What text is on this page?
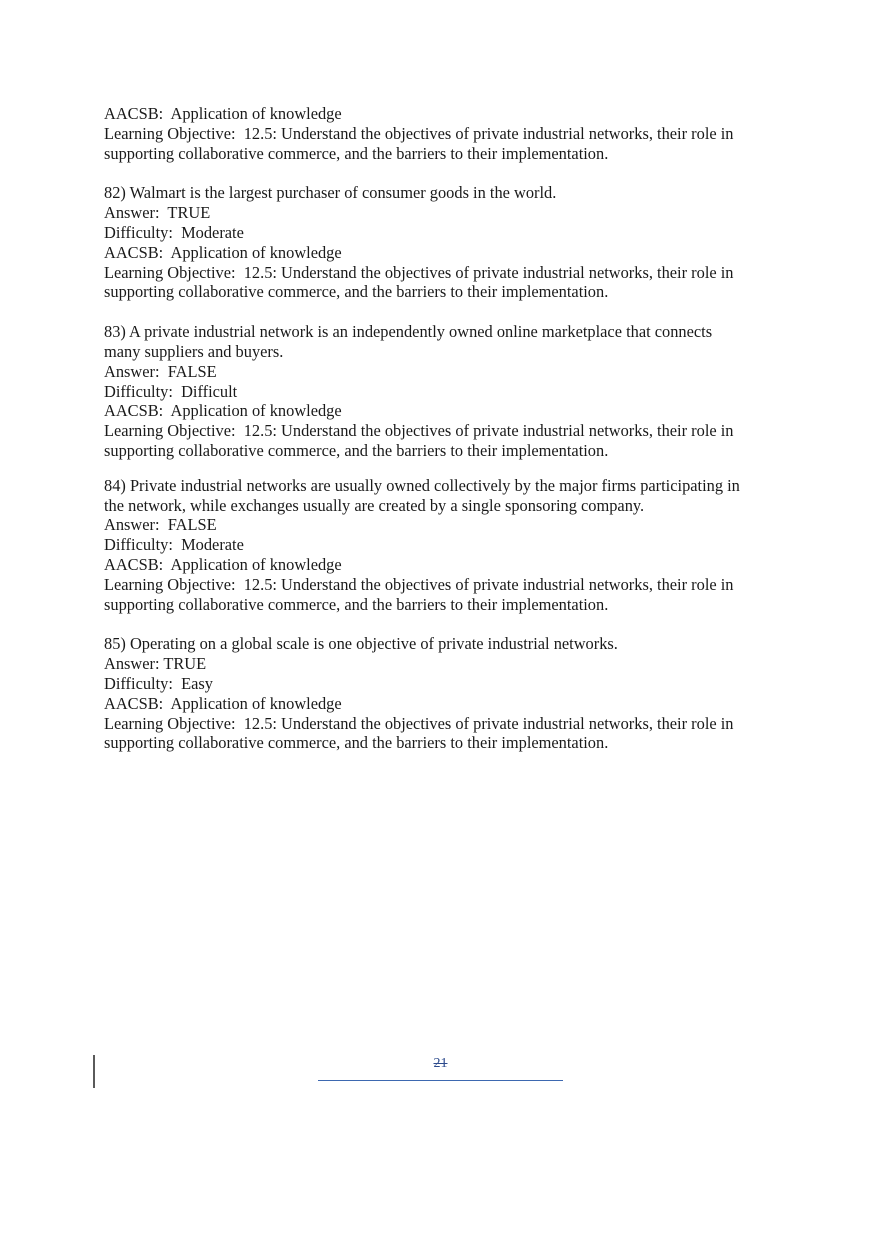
AACSB:  Application of knowledge
Learning Objective:  12.5: Understand the objectives of private industrial networks, their role in
supporting collaborative commerce, and the barriers to their implementation.
82) Walmart is the largest purchaser of consumer goods in the world.
Answer:  TRUE
Difficulty:  Moderate
AACSB:  Application of knowledge
Learning Objective:  12.5: Understand the objectives of private industrial networks, their role in
supporting collaborative commerce, and the barriers to their implementation.
83) A private industrial network is an independently owned online marketplace that connects
many suppliers and buyers.
Answer:  FALSE
Difficulty:  Difficult
AACSB:  Application of knowledge
Learning Objective:  12.5: Understand the objectives of private industrial networks, their role in
supporting collaborative commerce, and the barriers to their implementation.
84) Private industrial networks are usually owned collectively by the major firms participating in
the network, while exchanges usually are created by a single sponsoring company.
Answer:  FALSE
Difficulty:  Moderate
AACSB:  Application of knowledge
Learning Objective:  12.5: Understand the objectives of private industrial networks, their role in
supporting collaborative commerce, and the barriers to their implementation.
85) Operating on a global scale is one objective of private industrial networks.
Answer: TRUE
Difficulty:  Easy
AACSB:  Application of knowledge
Learning Objective:  12.5: Understand the objectives of private industrial networks, their role in
supporting collaborative commerce, and the barriers to their implementation.
21
